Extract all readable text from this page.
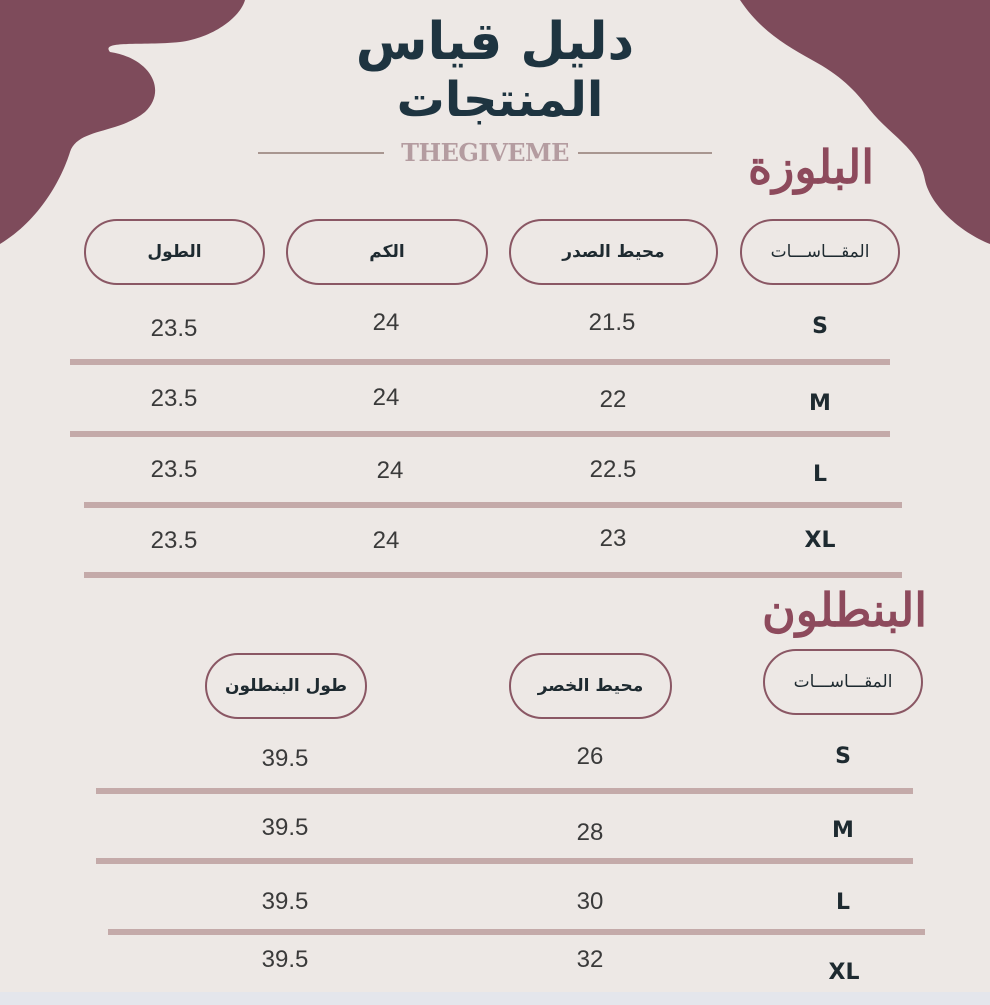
دليل قياس
المنتجات
THEGIVEME	البلوزة
المقـــاســـات
محيط الصدر
الكم
الطول
S
21.5
24
23.5
M
22
24
23.5
L
22.5
24
23.5
XL
23
24
23.5
البنطلون
المقـــاســـات
محيط الخصر
طول البنطلون
S
26
39.5
M
28
39.5
L
30
39.5
XL
32
39.5
